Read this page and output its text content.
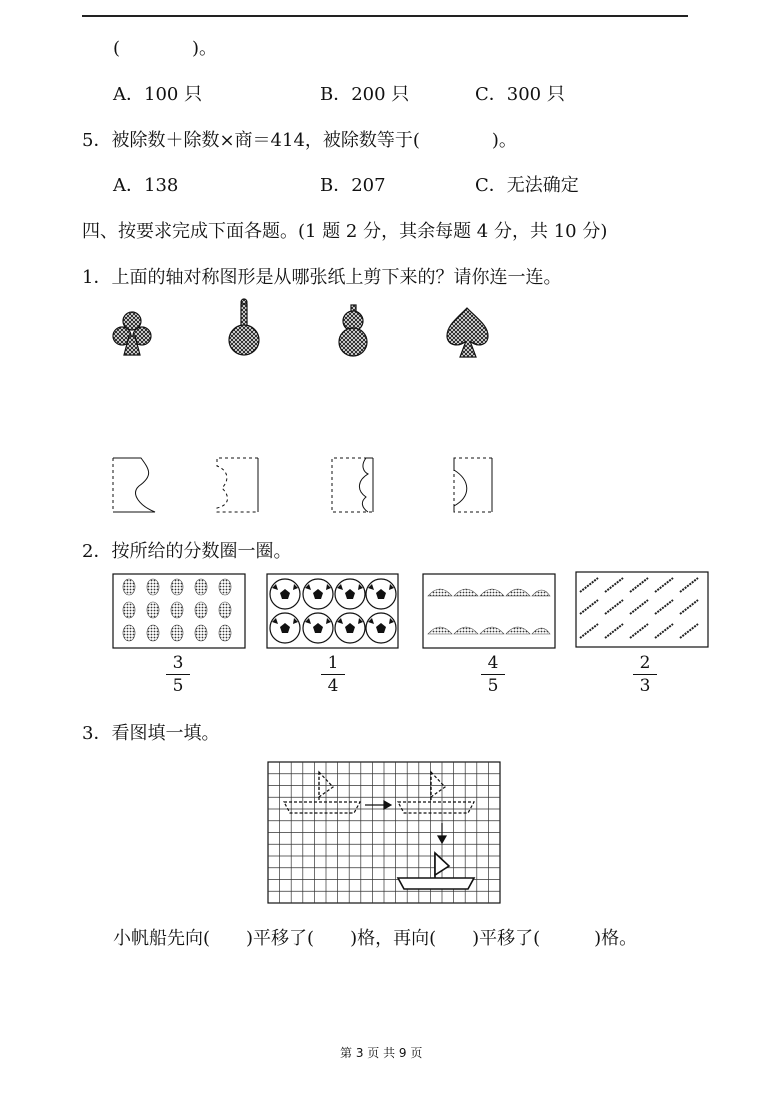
(　　　　)。
A．100 只	B．200 只	C．300 只
5．被除数＋除数×商＝414，被除数等于(　　　　)。
A．138	B．207	C．无法确定
四、按要求完成下面各题。(1 题 2 分，其余每题 4 分，共 10 分)
1．上面的轴对称图形是从哪张纸上剪下来的？请你连一连。
2．按所给的分数圈一圈。
3
5
1
4
4
5
2
3
3．看图填一填。
小帆船先向(　　)平移了(　　)格，再向(　　)平移了(　　　)格。
第 3 页 共 9 页
